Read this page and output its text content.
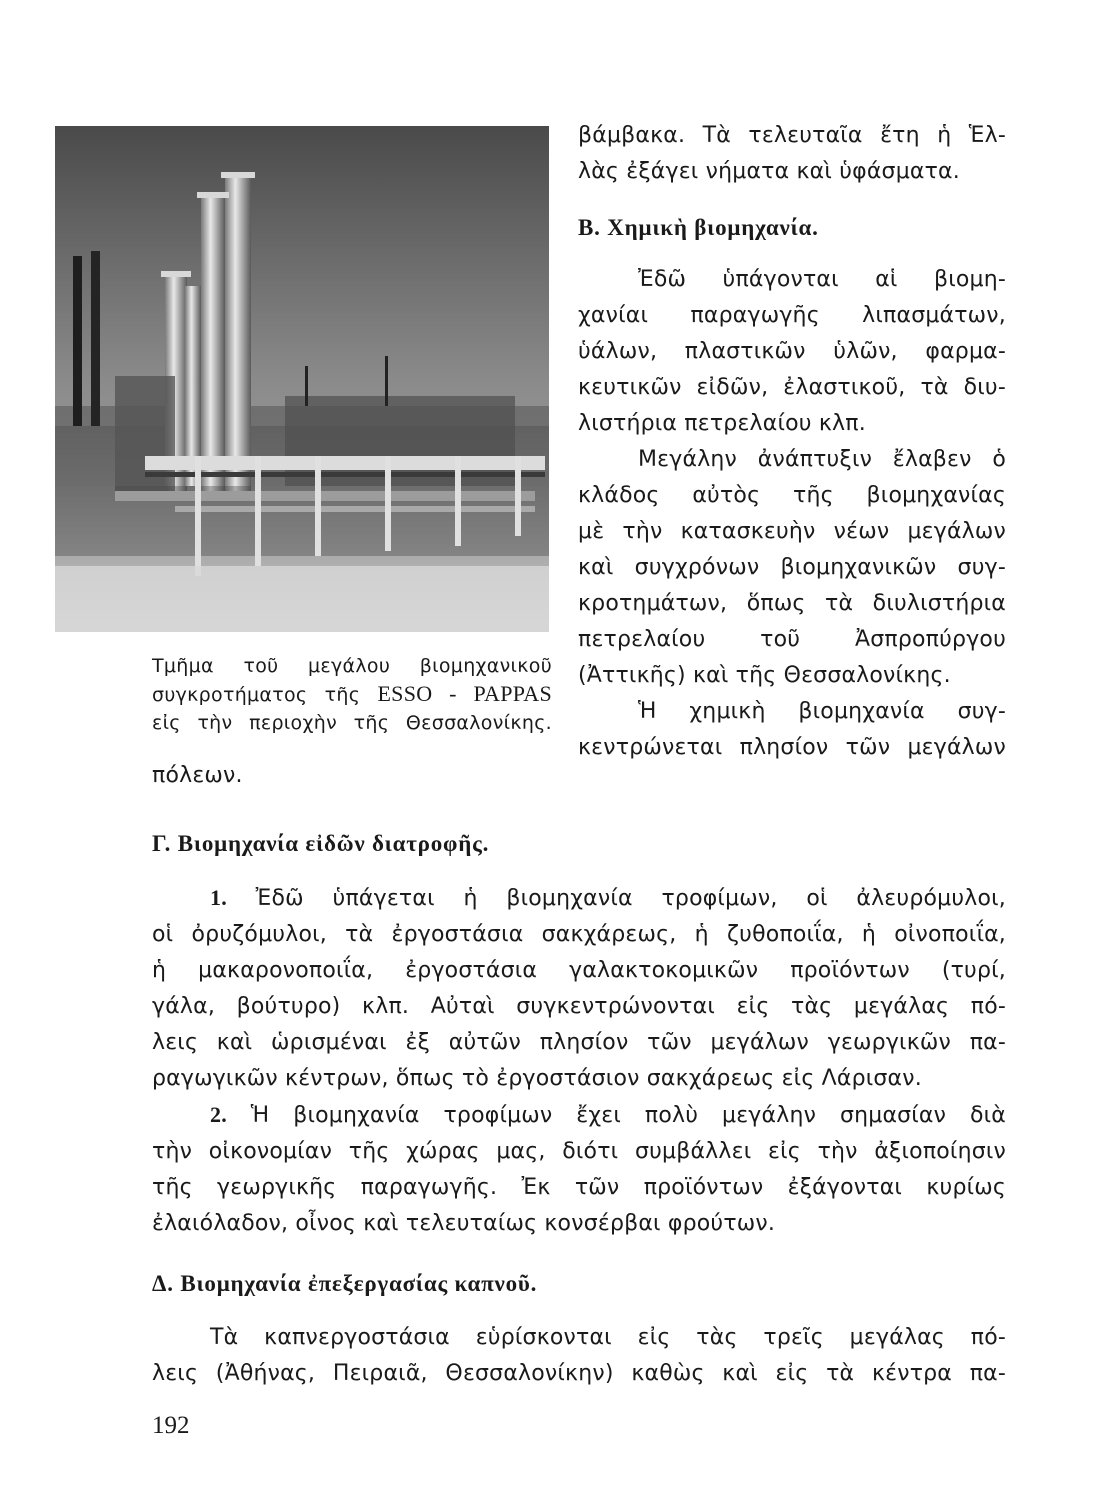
Τμῆμα τοῦ μεγάλου βιομηχανικοῦ
συγκροτήματος τῆς ESSO - PAPPAS
εἰς τὴν περιοχὴν τῆς Θεσσαλονίκης.
βάμβακα. Τὰ τελευταῖα ἔτη ἡ Ἑλ-
λὰς ἐξάγει νήματα καὶ ὑφάσματα.
Β. Χημικὴ βιομηχανία.
Ἐδῶ ὑπάγονται αἱ βιομη-
χανίαι παραγωγῆς λιπασμάτων,
ὑάλων, πλαστικῶν ὑλῶν, φαρμα-
κευτικῶν εἰδῶν, ἐλαστικοῦ, τὰ διυ-
λιστήρια πετρελαίου κλπ.
Μεγάλην ἀνάπτυξιν ἔλαβεν ὁ
κλάδος αὐτὸς τῆς βιομηχανίας
μὲ τὴν κατασκευὴν νέων μεγάλων
καὶ συγχρόνων βιομηχανικῶν συγ-
κροτημάτων, ὅπως τὰ διυλιστήρια
πετρελαίου τοῦ Ἀσπροπύργου
(Ἀττικῆς) καὶ τῆς Θεσσαλονίκης.
Ἡ χημικὴ βιομηχανία συγ-
κεντρώνεται πλησίον τῶν μεγάλων
πόλεων.
Γ. Βιομηχανία εἰδῶν διατροφῆς.
1. Ἐδῶ ὑπάγεται ἡ βιομηχανία τροφίμων, οἱ ἀλευρόμυλοι,
οἱ ὀρυζόμυλοι, τὰ ἐργοστάσια σακχάρεως, ἡ ζυθοποιΐα, ἡ οἰνοποιΐα,
ἡ μακαρονοποιΐα, ἐργοστάσια γαλακτοκομικῶν προϊόντων (τυρί,
γάλα, βούτυρο) κλπ. Αὐταὶ συγκεντρώνονται εἰς τὰς μεγάλας πό-
λεις καὶ ὡρισμέναι ἐξ αὐτῶν πλησίον τῶν μεγάλων γεωργικῶν πα-
ραγωγικῶν κέντρων, ὅπως τὸ ἐργοστάσιον σακχάρεως εἰς Λάρισαν.
2. Ἡ βιομηχανία τροφίμων ἔχει πολὺ μεγάλην σημασίαν διὰ
τὴν οἰκονομίαν τῆς χώρας μας, διότι συμβάλλει εἰς τὴν ἀξιοποίησιν
τῆς γεωργικῆς παραγωγῆς. Ἐκ τῶν προϊόντων ἐξάγονται κυρίως
ἐλαιόλαδον, οἶνος καὶ τελευταίως κονσέρβαι φρούτων.
Δ. Βιομηχανία ἐπεξεργασίας καπνοῦ.
Τὰ καπνεργοστάσια εὑρίσκονται εἰς τὰς τρεῖς μεγάλας πό-
λεις (Ἀθήνας, Πειραιᾶ, Θεσσαλονίκην) καθὼς καὶ εἰς τὰ κέντρα πα-
192
